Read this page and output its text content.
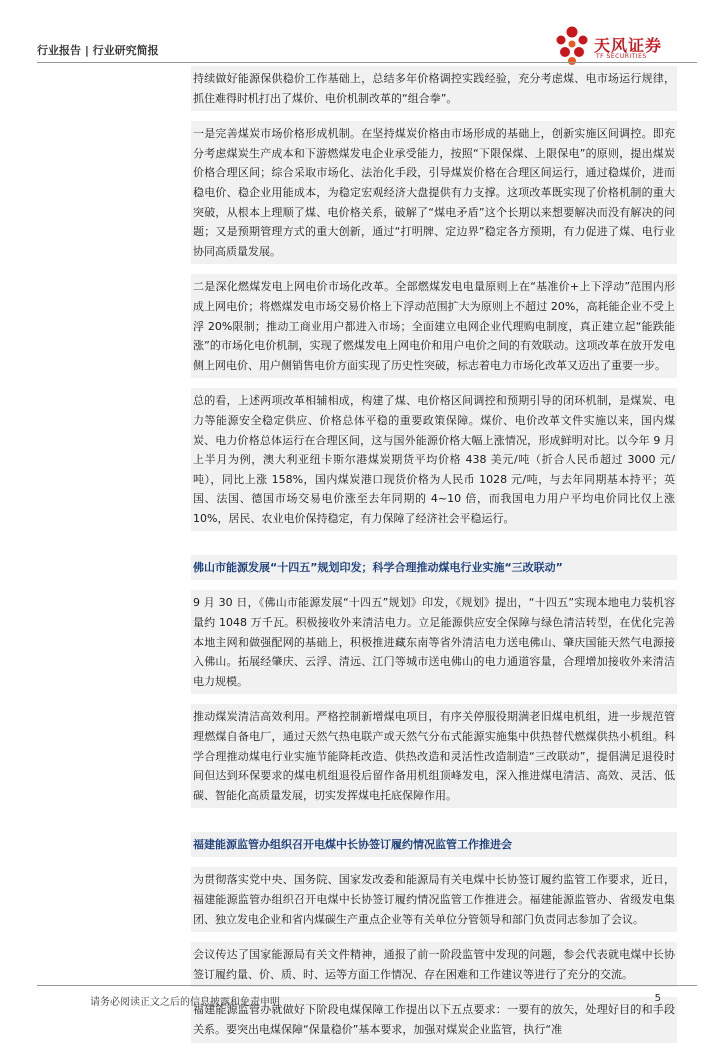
行业报告 | 行业研究简报	天风证券
TF SECURITIES
持续做好能源保供稳价工作基础上，总结多年价格调控实践经验，充分考虑煤、电市场运行规律，抓住难得时机打出了煤价、电价机制改革的“组合拳”。
一是完善煤炭市场价格形成机制。在坚持煤炭价格由市场形成的基础上，创新实施区间调控。即充分考虑煤炭生产成本和下游燃煤发电企业承受能力，按照“下限保煤、上限保电”的原则，提出煤炭价格合理区间；综合采取市场化、法治化手段，引导煤炭价格在合理区间运行，通过稳煤价，进而稳电价、稳企业用能成本，为稳定宏观经济大盘提供有力支撑。这项改革既实现了价格机制的重大突破，从根本上理顺了煤、电价格关系，破解了“煤电矛盾”这个长期以来想要解决而没有解决的问题；又是预期管理方式的重大创新，通过“打明牌、定边界”稳定各方预期，有力促进了煤、电行业协同高质量发展。
二是深化燃煤发电上网电价市场化改革。全部燃煤发电电量原则上在“基准价+上下浮动”范围内形成上网电价；将燃煤发电市场交易价格上下浮动范围扩大为原则上不超过 20%，高耗能企业不受上浮 20%限制；推动工商业用户都进入市场；全面建立电网企业代理购电制度，真正建立起“能跌能涨”的市场化电价机制，实现了燃煤发电上网电价和用户电价之间的有效联动。这项改革在放开发电侧上网电价、用户侧销售电价方面实现了历史性突破，标志着电力市场化改革又迈出了重要一步。
总的看，上述两项改革相辅相成，构建了煤、电价格区间调控和预期引导的闭环机制，是煤炭、电力等能源安全稳定供应、价格总体平稳的重要政策保障。煤价、电价改革文件实施以来，国内煤炭、电力价格总体运行在合理区间，这与国外能源价格大幅上涨情况，形成鲜明对比。以今年 9 月上半月为例，澳大利亚纽卡斯尔港煤炭期货平均价格 438 美元/吨（折合人民币超过 3000 元/吨），同比上涨 158%，国内煤炭港口现货价格为人民币 1028 元/吨，与去年同期基本持平；英国、法国、德国市场交易电价涨至去年同期的 4~10 倍，而我国电力用户平均电价同比仅上涨 10%，居民、农业电价保持稳定，有力保障了经济社会平稳运行。
佛山市能源发展“十四五”规划印发；科学合理推动煤电行业实施“三改联动”
9 月 30 日，《佛山市能源发展“十四五”规划》印发，《规划》提出，“十四五”实现本地电力装机容量约 1048 万千瓦。积极接收外来清洁电力。立足能源供应安全保障与绿色清洁转型，在优化完善本地主网和做强配网的基础上，积极推进藏东南等省外清洁电力送电佛山、肇庆国能天然气电源接入佛山。拓展经肇庆、云浮、清远、江门等城市送电佛山的电力通道容量，合理增加接收外来清洁电力规模。
推动煤炭清洁高效利用。严格控制新增煤电项目，有序关停服役期满老旧煤电机组，进一步规范管理燃煤自备电厂，通过天然气热电联产或天然气分布式能源实施集中供热替代燃煤供热小机组。科学合理推动煤电行业实施节能降耗改造、供热改造和灵活性改造制造“三改联动”，提倡满足退役时间但达到环保要求的煤电机组退役后留作备用机组顶峰发电，深入推进煤电清洁、高效、灵活、低碳、智能化高质量发展，切实发挥煤电托底保障作用。
福建能源监管办组织召开电煤中长协签订履约情况监管工作推进会
为贯彻落实党中央、国务院、国家发改委和能源局有关电煤中长协签订履约监管工作要求，近日，福建能源监管办组织召开电煤中长协签订履约情况监管工作推进会。福建能源监管办、省级发电集团、独立发电企业和省内煤碳生产重点企业等有关单位分管领导和部门负责同志参加了会议。
会议传达了国家能源局有关文件精神，通报了前一阶段监管中发现的问题，参会代表就电煤中长协签订履约量、价、质、时、运等方面工作情况、存在困难和工作建议等进行了充分的交流。
福建能源监管办就做好下阶段电煤保障工作提出以下五点要求：一要有的放矢，处理好目的和手段关系。要突出电煤保障“保量稳价”基本要求，加强对煤炭企业监管，执行“准
请务必阅读正文之后的信息披露和免责申明	5
